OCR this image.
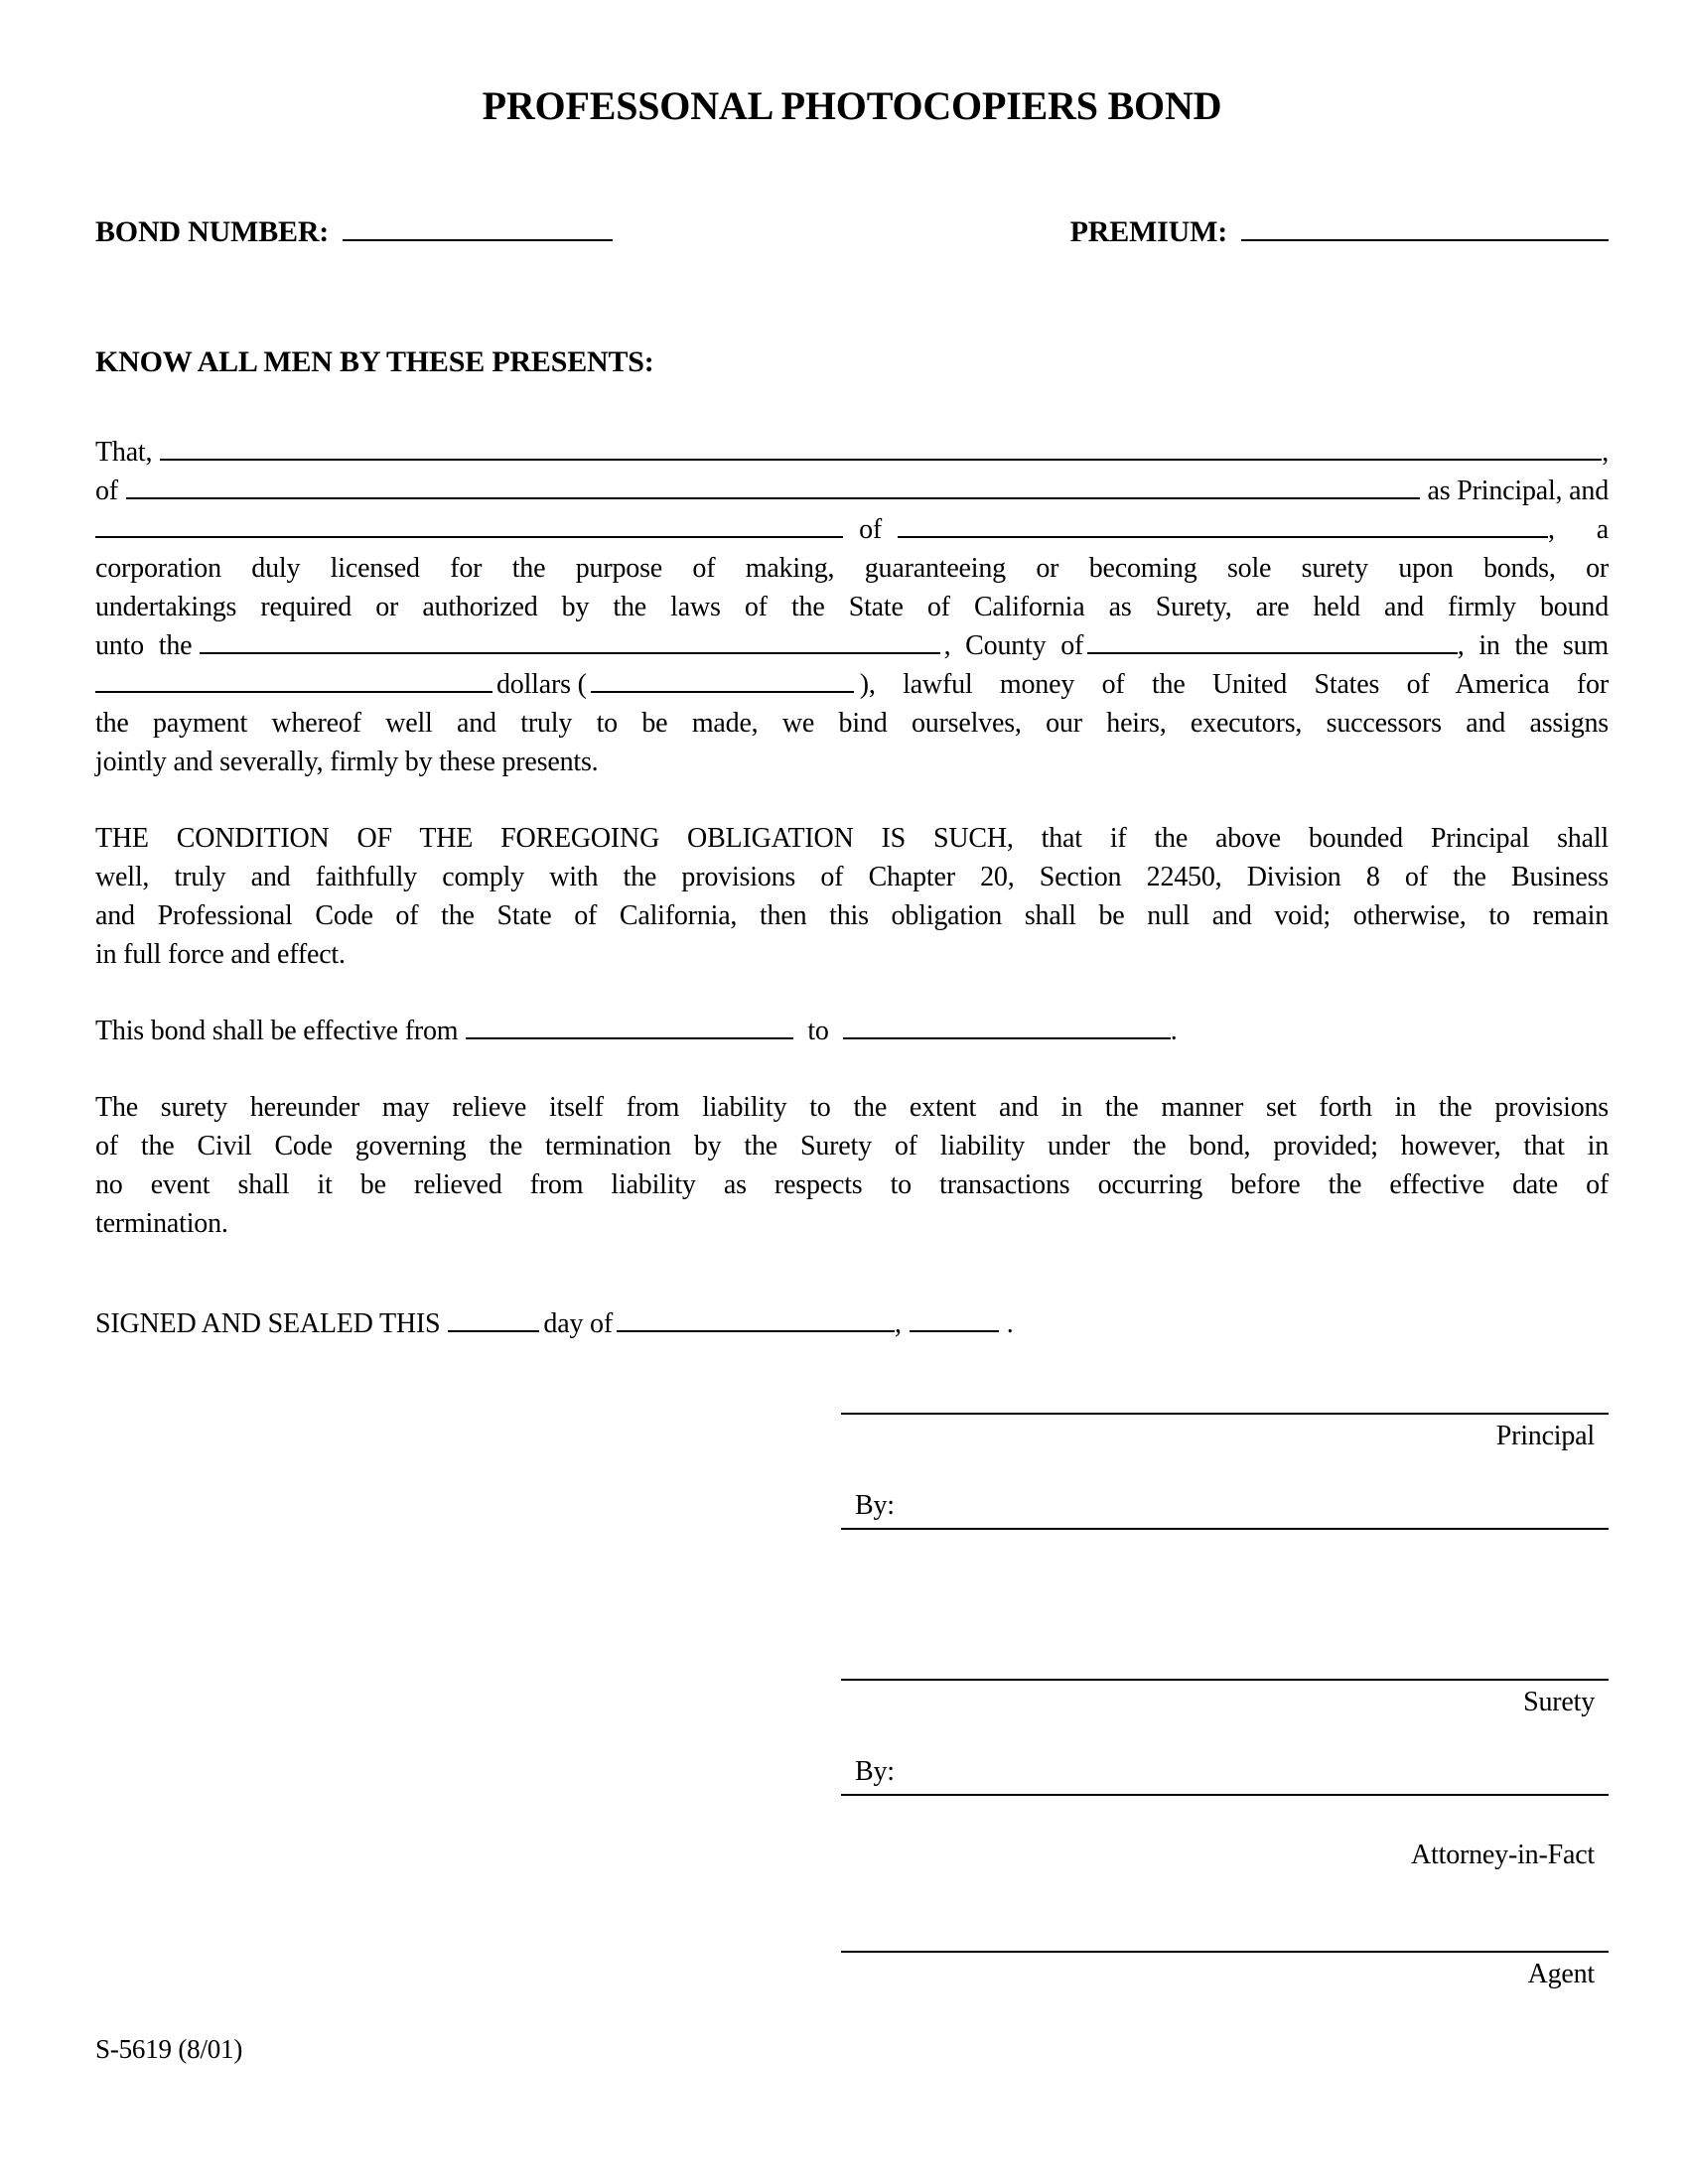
PROFESSONAL PHOTOCOPIERS BOND
BOND NUMBER:	PREMIUM:
KNOW ALL MEN BY THESE PRESENTS:
That,	,
of	as Principal, and
of	, a
corporation duly licensed for the purpose of making, guaranteeing or becoming sole surety upon bonds, or
undertakings required or authorized by the laws of the State of California as Surety, are held and firmly bound
unto the	, County of	, in the sum
dollars (	), lawful money of the United States of America for
the payment whereof well and truly to be made, we bind ourselves, our heirs, executors, successors and assigns
jointly and severally, firmly by these presents.
THE CONDITION OF THE FOREGOING OBLIGATION IS SUCH, that if the above bounded Principal shall
well, truly and faithfully comply with the provisions of Chapter 20, Section 22450, Division 8 of the Business
and Professional Code of the State of California, then this obligation shall be null and void; otherwise, to remain
in full force and effect.
This bond shall be effective from	to	.
The surety hereunder may relieve itself from liability to the extent and in the manner set forth in the provisions
of the Civil Code governing the termination by the Surety of liability under the bond, provided; however, that in
no event shall it be relieved from liability as respects to transactions occurring before the effective date of
termination.
SIGNED AND SEALED THIS	day of	,	.
Principal
By:
Surety
By:
Attorney-in-Fact
Agent
S-5619 (8/01)
